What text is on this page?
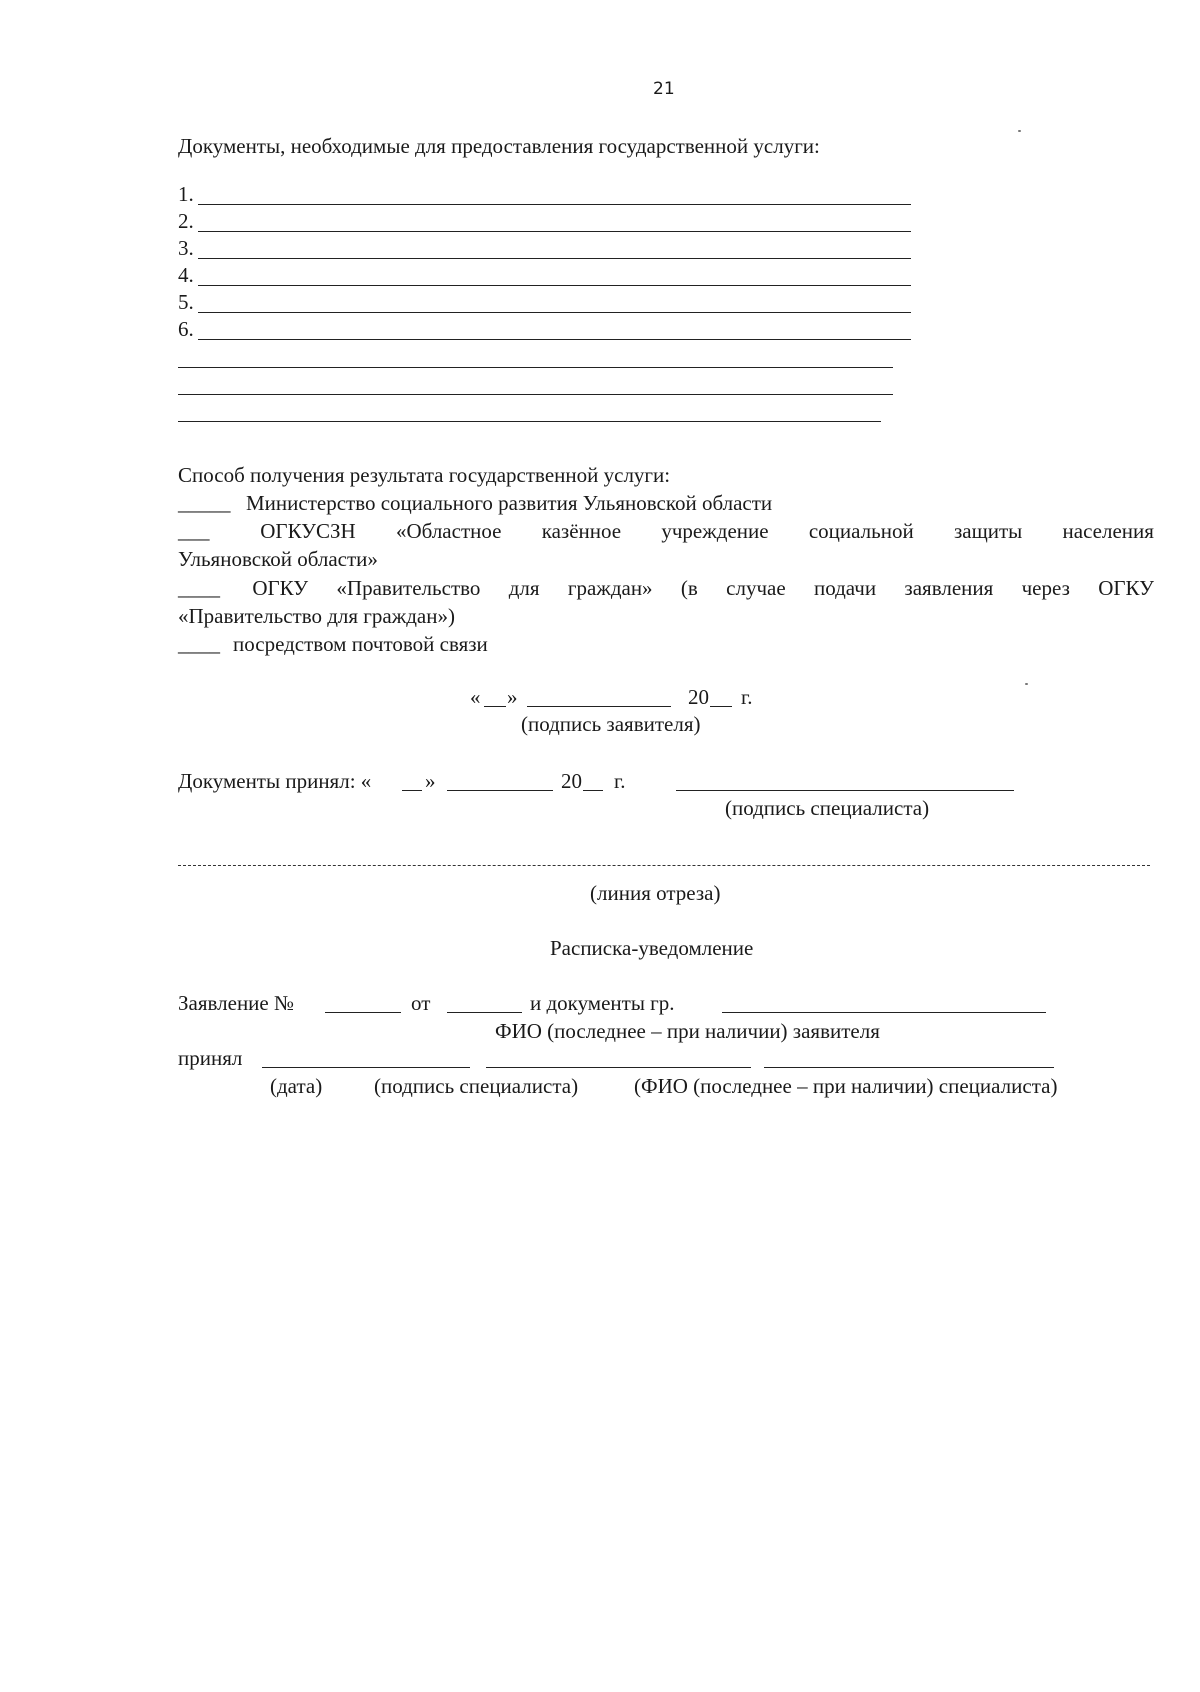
21
Документы, необходимые для предоставления государственной услуги:
1.
2.
3.
4.
5.
6.
Способ получения результата государственной услуги:
_____ Министерство социального развития Ульяновской области
___	ОГКУСЗН «Областное казённое учреждение социальной защиты населения
Ульяновской области»
____ ОГКУ «Правительство для граждан» (в случае подачи заявления через ОГКУ
«Правительство для граждан»)
____ посредством почтовой связи
« »	20 г.
(подпись заявителя)
Документы принял: «	»	20 г.
(подпись специалиста)
(линия отреза)
Расписка-уведомление
Заявление №	от	и документы гр.
ФИО (последнее – при наличии) заявителя
принял
(дата) (подпись специалиста)	(ФИО (последнее – при наличии) специалиста)
